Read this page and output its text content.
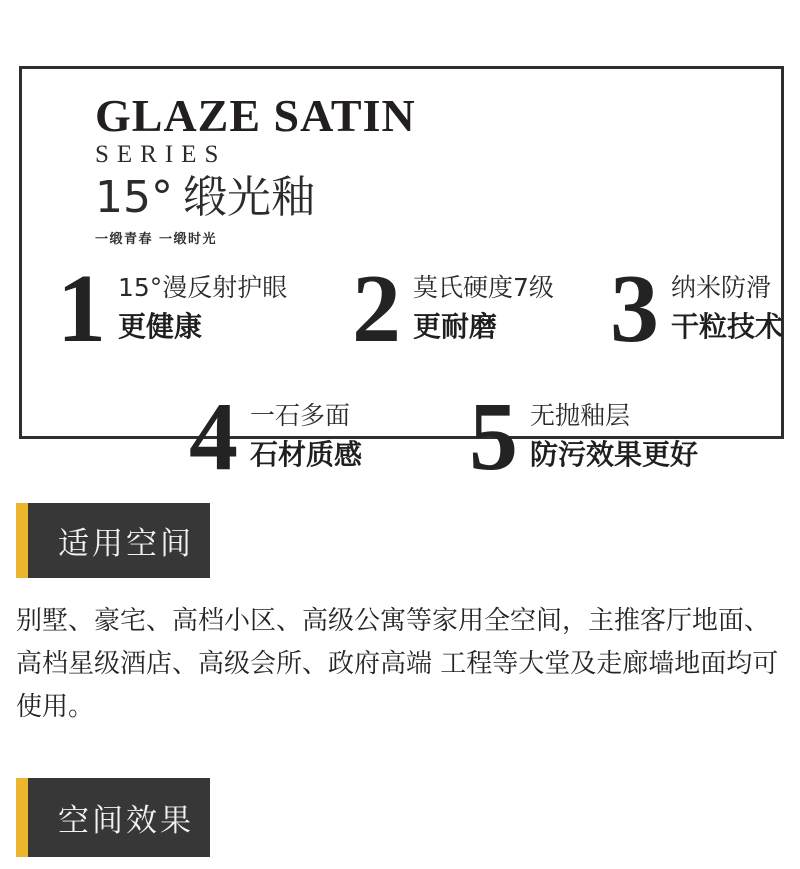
GLAZE SATIN
SERIES
15° 缎光釉
一缎青春 一缎时光
1 15°漫反射护眼
更健康	2 莫氏硬度7级
更耐磨	3 纳米防滑
干粒技术
4 一石多面
石材质感 5 无抛釉层
防污效果更好
适用空间
别墅、豪宅、高档小区、高级公寓等家用全空间，主推客厅地面、
高档星级酒店、高级会所、政府高端 工程等大堂及走廊墙地面均可
使用。
空间效果
